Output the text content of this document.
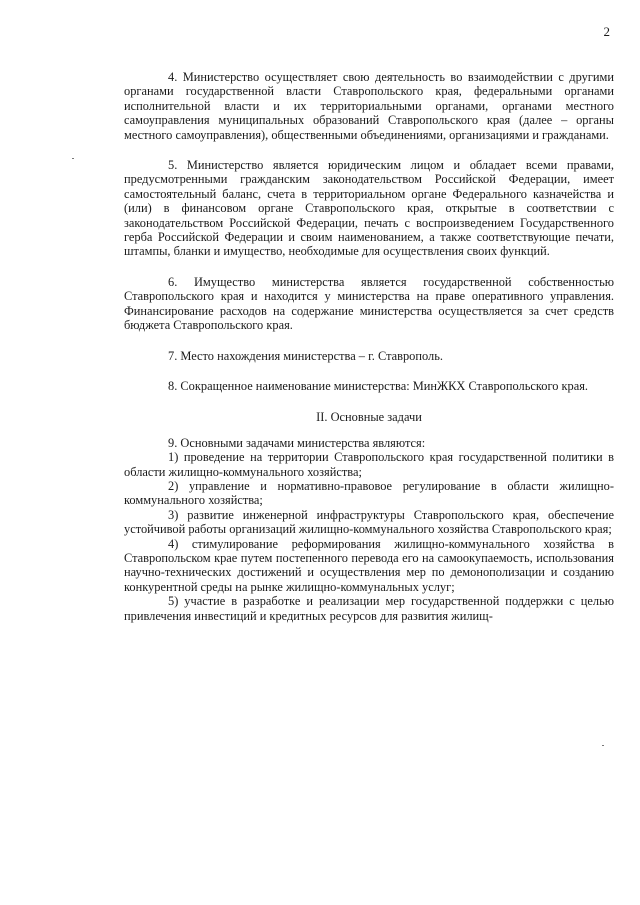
2

4. Министерство осуществляет свою деятельность во взаимодействии с другими органами государственной власти Ставропольского края, федеральными органами исполнительной власти и их территориальными органами, органами местного самоуправления муниципальных образований Ставропольского края (далее – органы местного самоуправления), общественными объединениями, организациями и гражданами.

5. Министерство является юридическим лицом и обладает всеми правами, предусмотренными гражданским законодательством Российской Федерации, имеет самостоятельный баланс, счета в территориальном органе Федерального казначейства и (или) в финансовом органе Ставропольского края, открытые в соответствии с законодательством Российской Федерации, печать с воспроизведением Государственного герба Российской Федерации и своим наименованием, а также соответствующие печати, штампы, бланки и имущество, необходимые для осуществления своих функций.

6. Имущество министерства является государственной собственностью Ставропольского края и находится у министерства на праве оперативного управления. Финансирование расходов на содержание министерства осуществляется за счет средств бюджета Ставропольского края.

7. Место нахождения министерства – г. Ставрополь.

8. Сокращенное наименование министерства: МинЖКХ Ставропольского края.

II. Основные задачи

9. Основными задачами министерства являются:

1) проведение на территории Ставропольского края государственной политики в области жилищно-коммунального хозяйства;

2) управление и нормативно-правовое регулирование в области жилищно-коммунального хозяйства;

3) развитие инженерной инфраструктуры Ставропольского края, обеспечение устойчивой работы организаций жилищно-коммунального хозяйства Ставропольского края;

4) стимулирование реформирования жилищно-коммунального хозяйства в Ставропольском крае путем постепенного перевода его на самоокупаемость, использования научно-технических достижений и осуществления мер по демонополизации и созданию конкурентной среды на рынке жилищно-коммунальных услуг;

5) участие в разработке и реализации мер государственной поддержки с целью привлечения инвестиций и кредитных ресурсов для развития жилищ-
